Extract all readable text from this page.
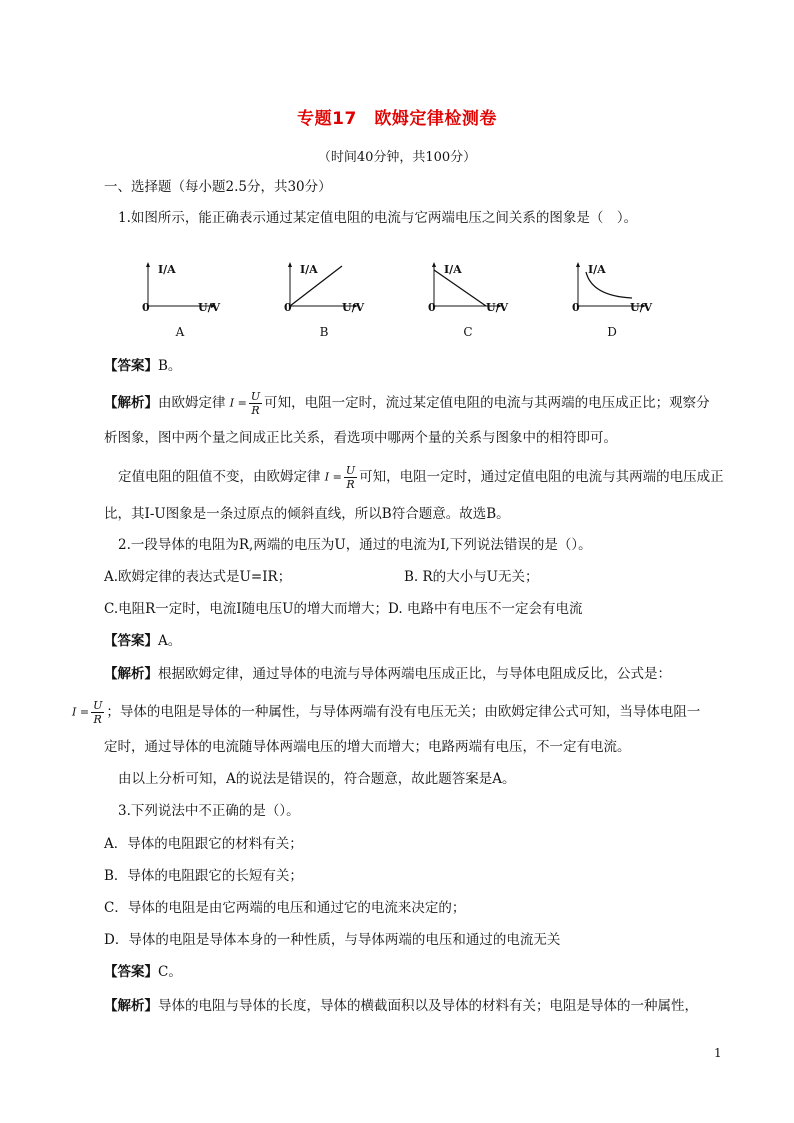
专题17　欧姆定律检测卷
（时间40分钟，共100分）
一、选择题（每小题2.5分，共30分）
1.如图所示，能正确表示通过某定值电阻的电流与它两端电压之间关系的图象是（　）。
I/A
0	U/V
A
I/A
0	U/V
B
I/A
0	U/V
C
I/A
0	U/V
D
【答案】B。
【解析】由欧姆定律 $I = \frac{U}{R}$ 可知，电阻一定时，流过某定值电阻的电流与其两端的电压成正比；观察分
析图象，图中两个量之间成正比关系，看选项中哪两个量的关系与图象中的相符即可。
定值电阻的阻值不变，由欧姆定律 $I = \frac{U}{R}$ 可知，电阻一定时，通过定值电阻的电流与其两端的电压成正
比，其I-U图象是一条过原点的倾斜直线，所以B符合题意。故选B。
2.一段导体的电阻为R,两端的电压为U，通过的电流为I,下列说法错误的是（）。
A.欧姆定律的表达式是U=IR；	B. R的大小与U无关；
C.电阻R一定时，电流I随电压U的增大而增大；D. 电路中有电压不一定会有电流
【答案】A。
【解析】根据欧姆定律，通过导体的电流与导体两端电压成正比，与导体电阻成反比，公式是：
$I = \frac{U}{R}$ ；导体的电阻是导体的一种属性，与导体两端有没有电压无关；由欧姆定律公式可知，当导体电阻一
定时，通过导体的电流随导体两端电压的增大而增大；电路两端有电压，不一定有电流。
由以上分析可知，A的说法是错误的，符合题意，故此题答案是A。
3.下列说法中不正确的是（）。
A．导体的电阻跟它的材料有关；
B．导体的电阻跟它的长短有关；
C．导体的电阻是由它两端的电压和通过它的电流来决定的；
D．导体的电阻是导体本身的一种性质，与导体两端的电压和通过的电流无关
【答案】C。
【解析】导体的电阻与导体的长度，导体的横截面积以及导体的材料有关；电阻是导体的一种属性，
1
